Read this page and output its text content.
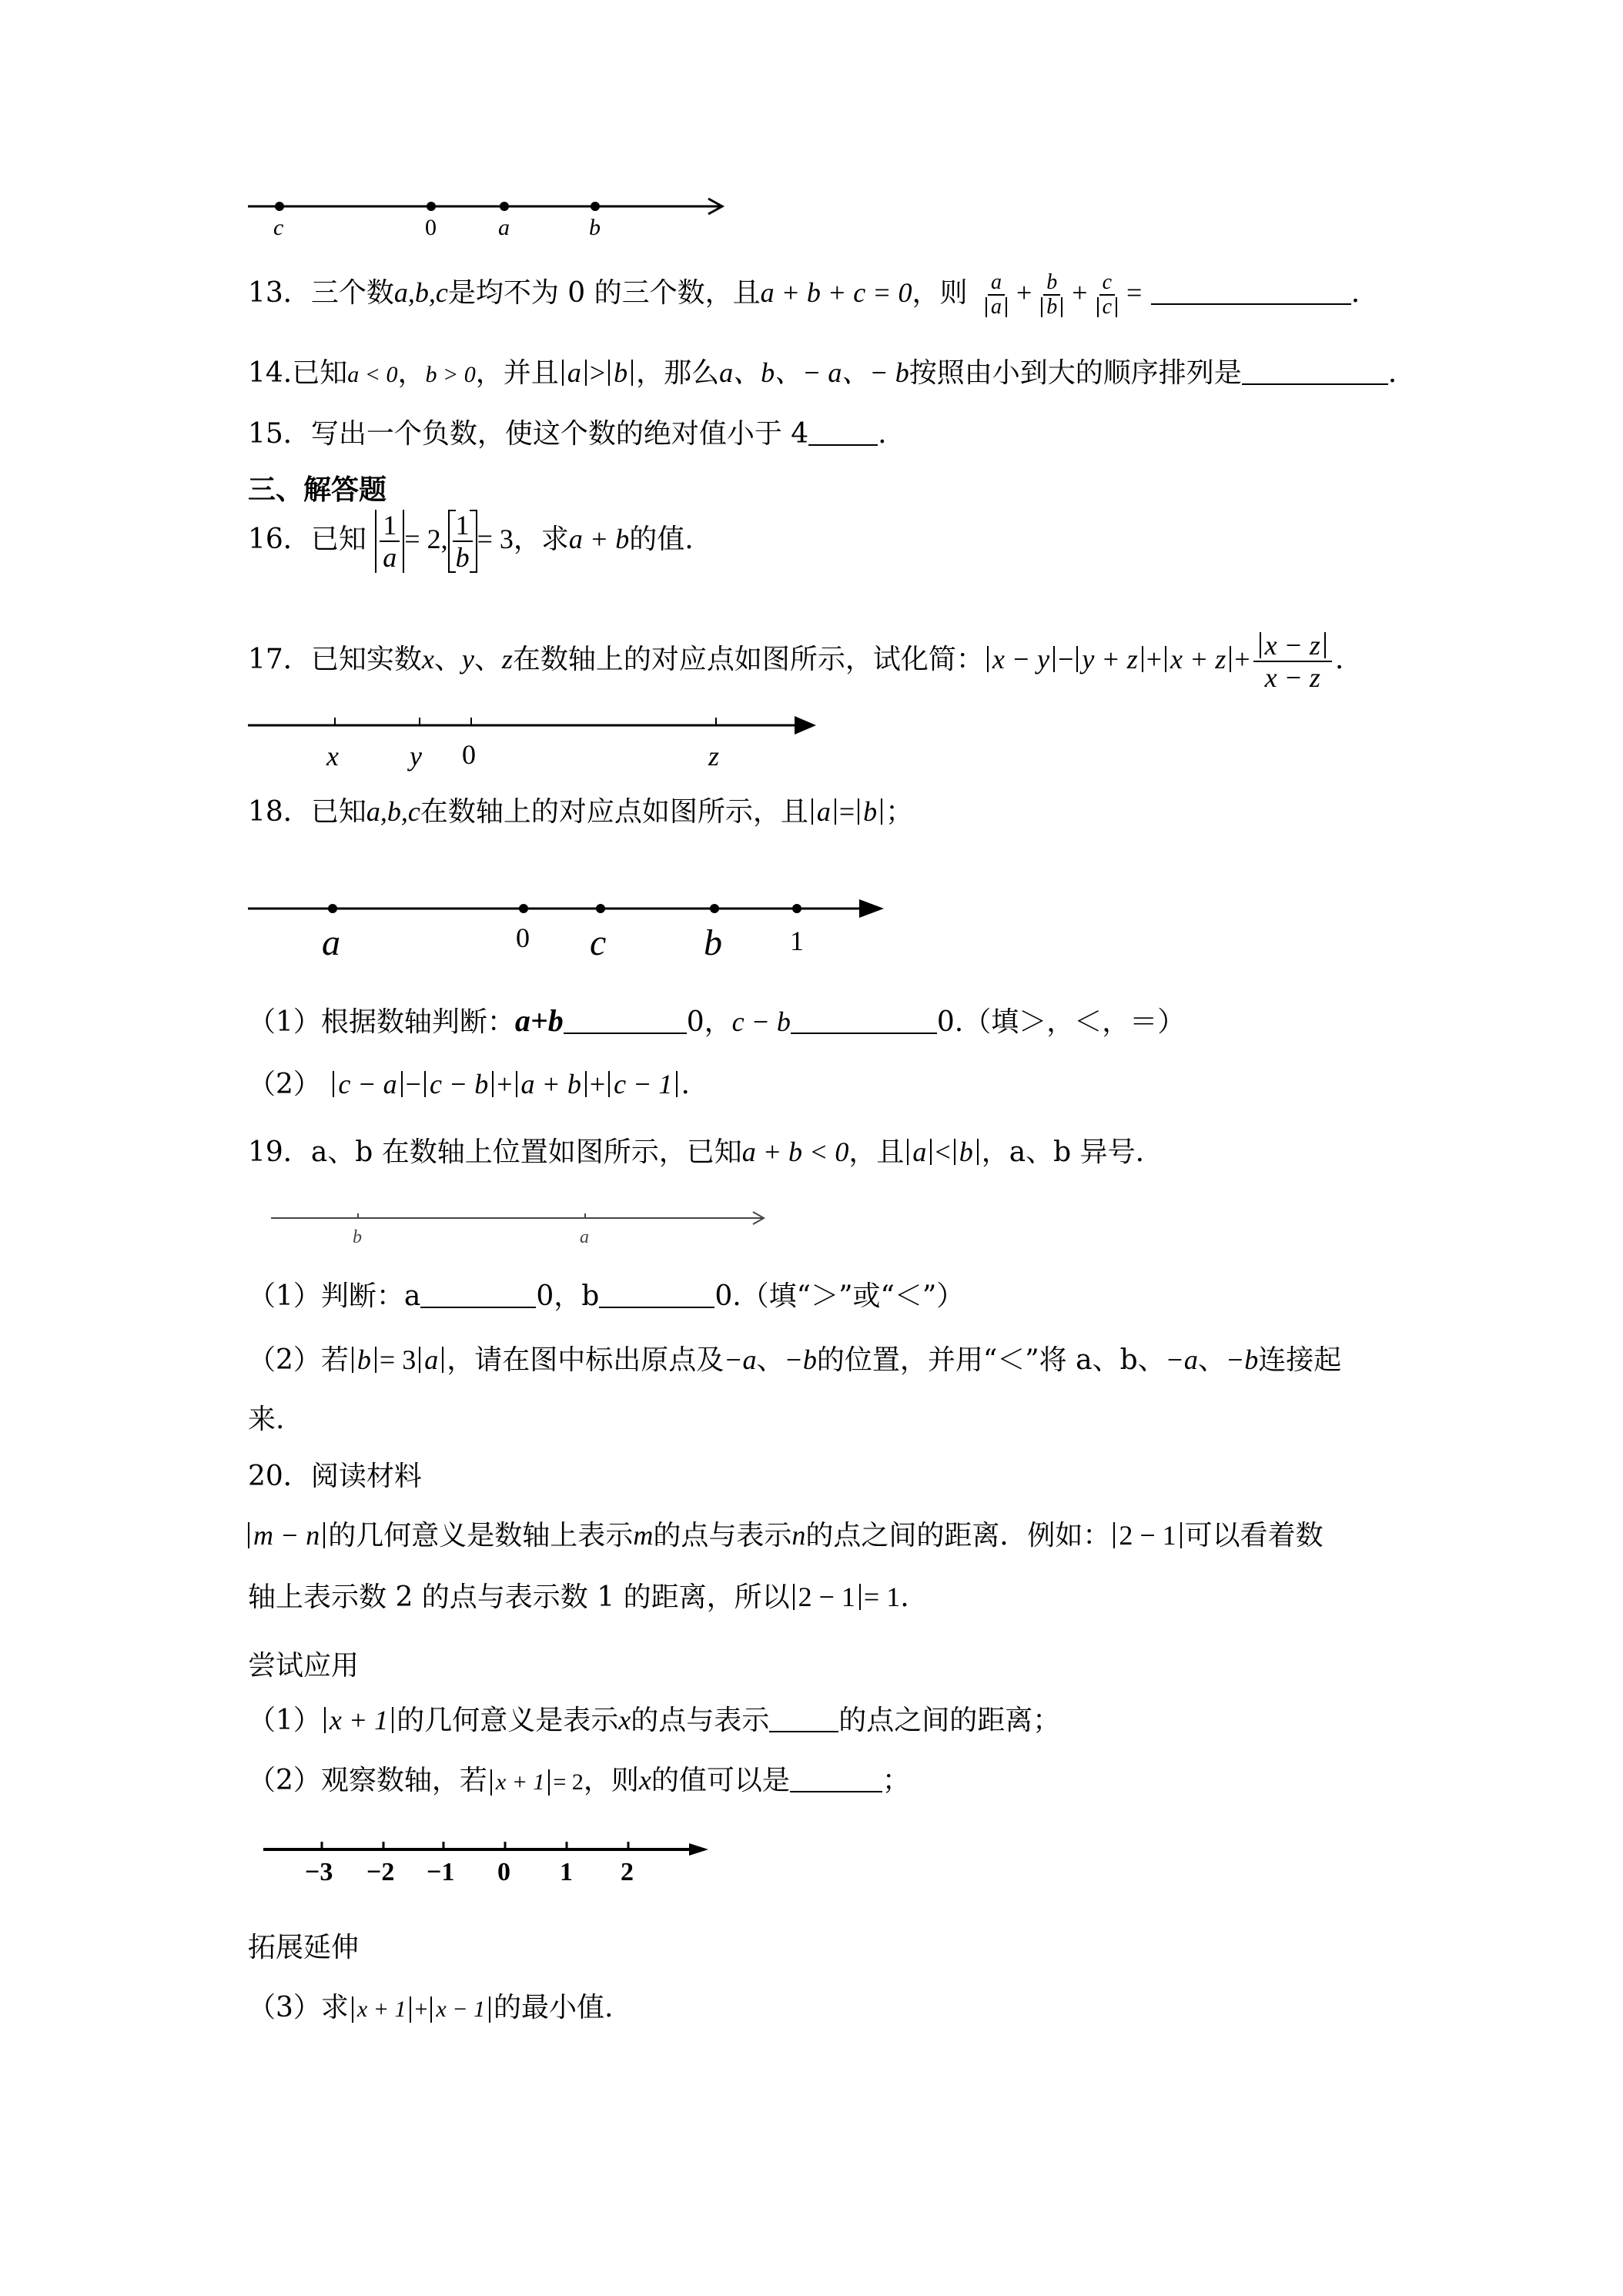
c	0	a	b
13．三个数a,b,c是均不为 0 的三个数，且a + b + c = 0，则 $\frac{a}{a} + \frac{b}{b} + \frac{c}{c}$ =	.
14.已知a < 0，b > 0，并且 a > b ，那么a、b、− a、− b按照由小到大的顺序排列是	.
15．写出一个负数，使这个数的绝对值小于 4	.
三、解答题
16．已知 $\frac{1}{a} = 2$, $\frac{1}{b} = 3$，求a + b的值.
17．已知实数x、y、z在数轴上的对应点如图所示，试化简： $x - y - y + z + x + z + \frac{x - z}{x - z}$ .
x	y 0	z
18．已知a,b,c在数轴上的对应点如图所示，且 a = b ；
a	0 c	b 1
（1）根据数轴判断：a+b	0，c − b	0.（填＞，＜，＝）
（2） c − a − c − b + a + b + c − 1 .
19．a、b 在数轴上位置如图所示，已知a + b < 0，且 a < b ，a、b 异号.
b	a
（1）判断：a	0，b	0.（填“＞”或“＜”）
（2）若 b = 3 a ，请在图中标出原点及−a、−b的位置，并用“＜”将 a、b、−a、−b连接起
来.
20．阅读材料
m − n 的几何意义是数轴上表示m的点与表示n的点之间的距离．例如： 2 − 1 可以看着数
轴上表示数 2 的点与表示数 1 的距离，所以 2 − 1 = 1.
尝试应用
（1） x + 1 的几何意义是表示x的点与表示	的点之间的距离；
（2）观察数轴，若 x + 1 = 2，则x的值可以是	；
−3 −2 −1 0 1 2
拓展延伸
（3）求 x + 1 + x − 1 的最小值.
